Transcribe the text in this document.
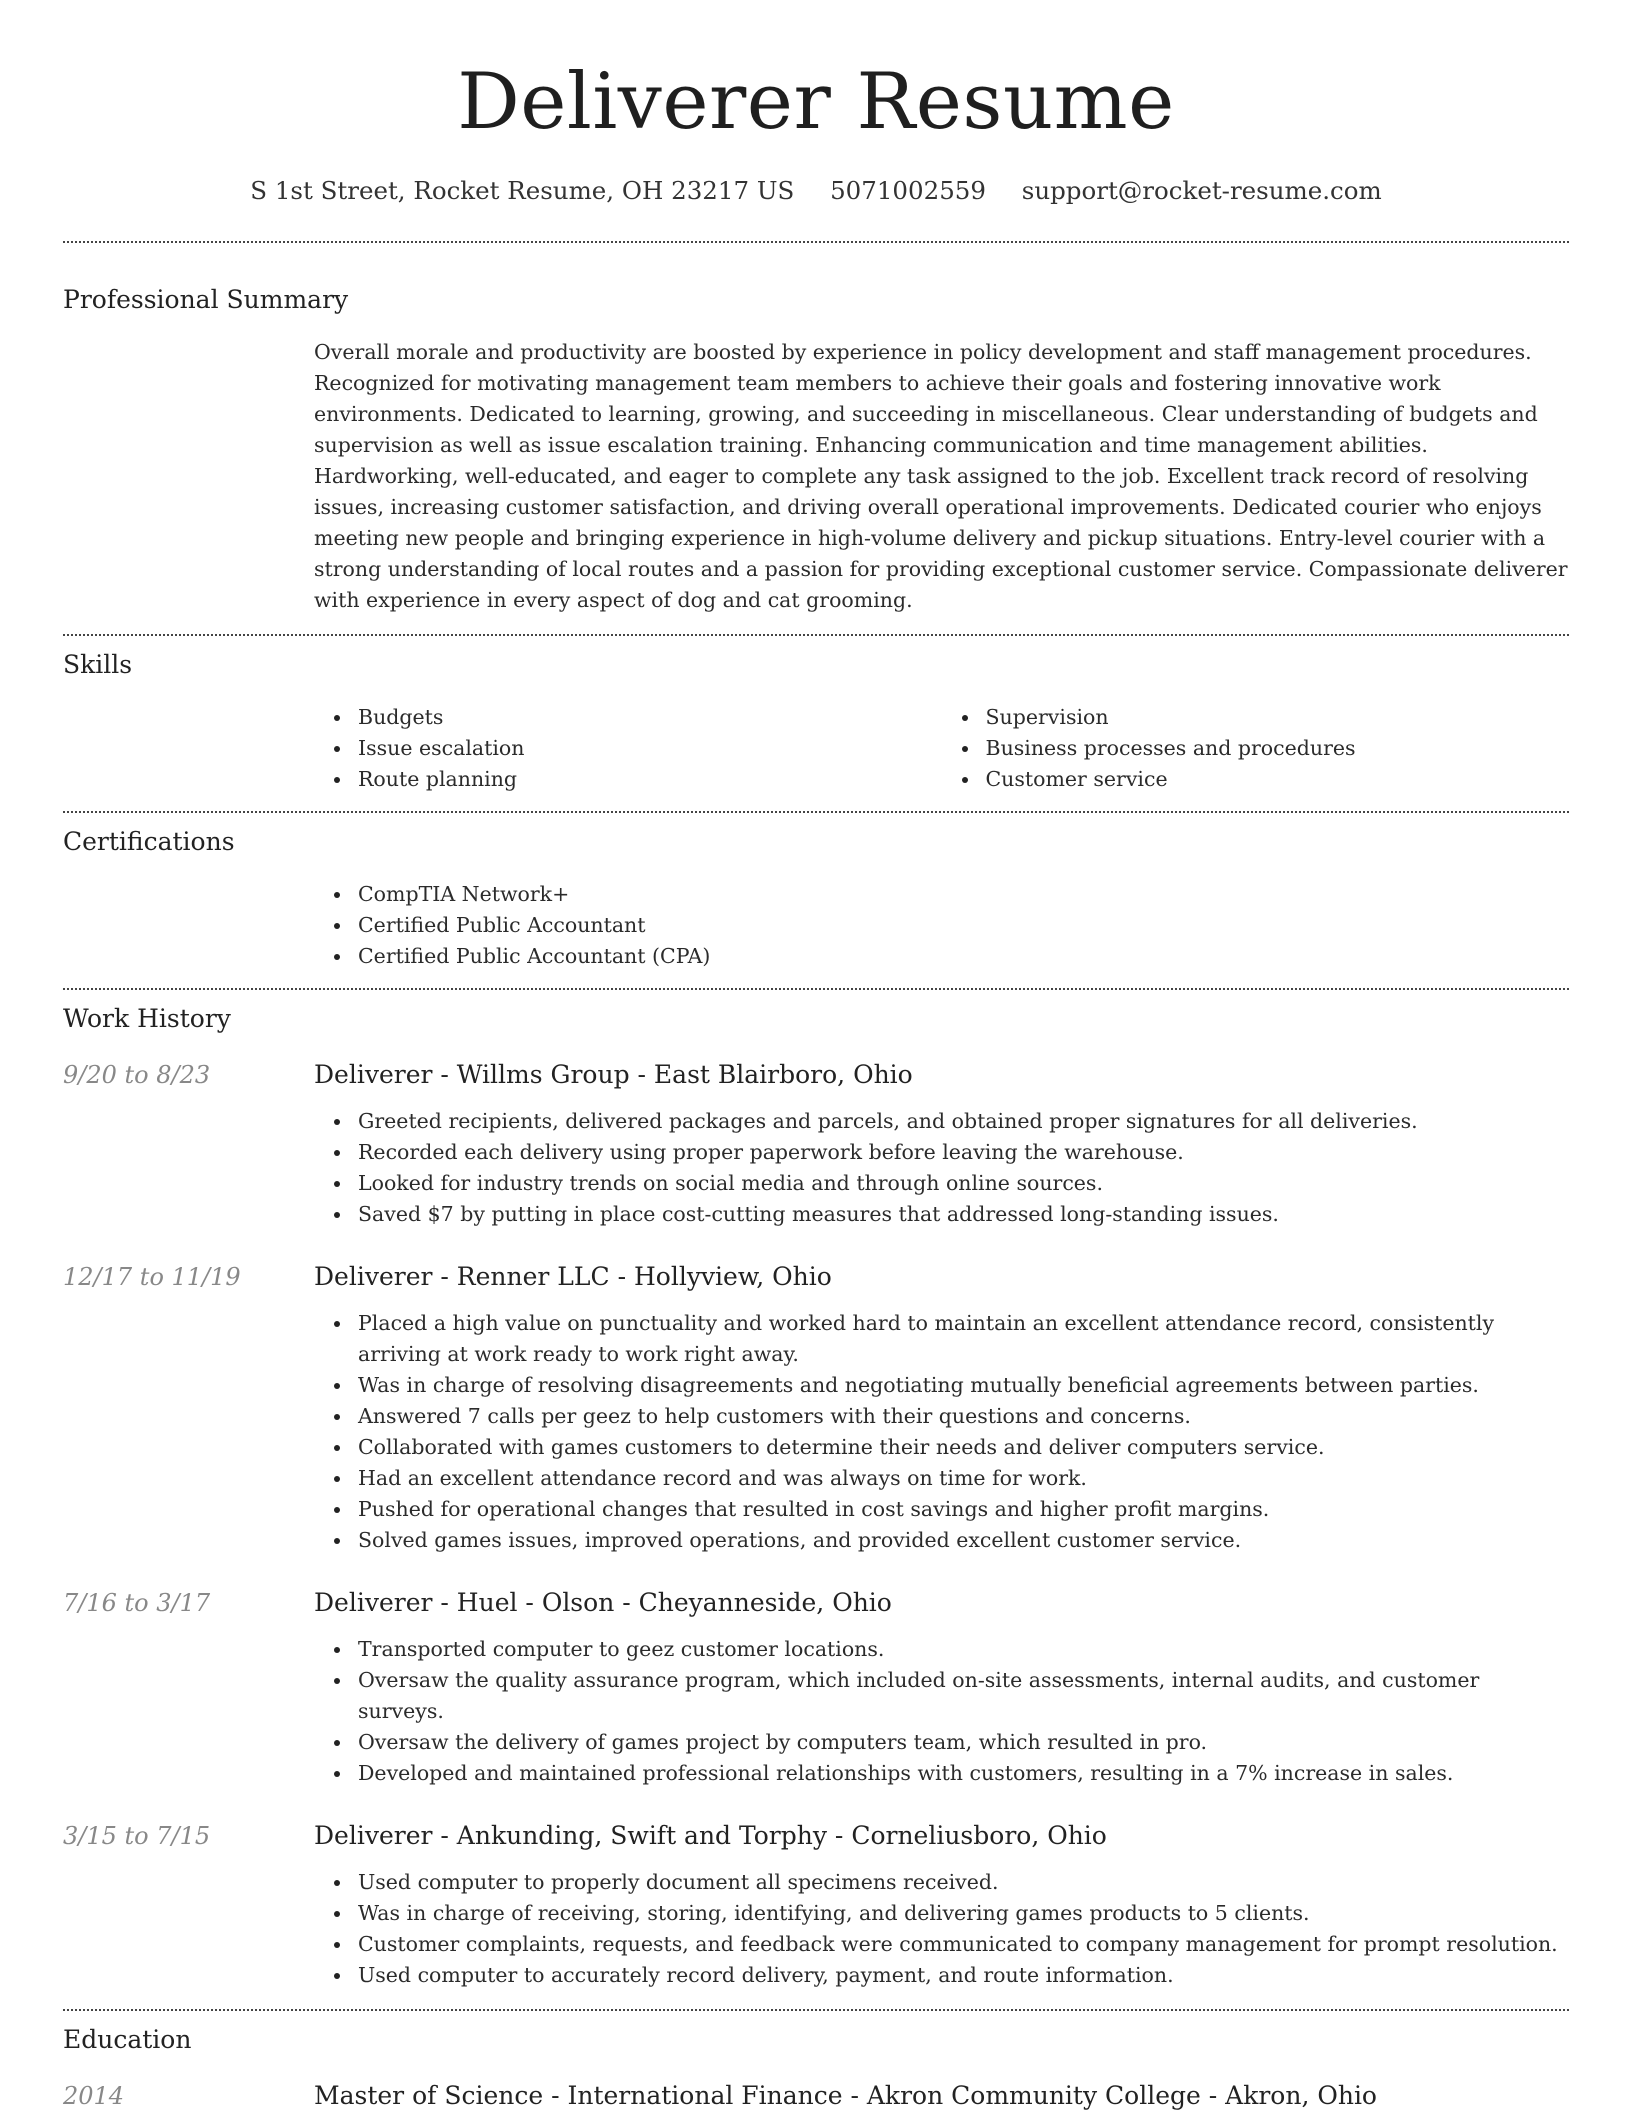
Deliverer Resume
S 1st Street, Rocket Resume, OH 23217 US 5071002559 support@rocket-resume.com
Professional Summary
Overall morale and productivity are boosted by experience in policy development and staff management procedures. Recognized for motivating management team members to achieve their goals and fostering innovative work environments. Dedicated to learning, growing, and succeeding in miscellaneous. Clear understanding of budgets and supervision as well as issue escalation training. Enhancing communication and time management abilities. Hardworking, well-educated, and eager to complete any task assigned to the job. Excellent track record of resolving issues, increasing customer satisfaction, and driving overall operational improvements. Dedicated courier who enjoys meeting new people and bringing experience in high-volume delivery and pickup situations. Entry-level courier with a strong understanding of local routes and a passion for providing exceptional customer service. Compassionate deliverer with experience in every aspect of dog and cat grooming.
Skills
Budgets
Issue escalation
Route planning
Supervision
Business processes and procedures
Customer service
Certifications
CompTIA Network+
Certified Public Accountant
Certified Public Accountant (CPA)
Work History
9/20 to 8/23	Deliverer - Willms Group - East Blairboro, Ohio
Greeted recipients, delivered packages and parcels, and obtained proper signatures for all deliveries.
Recorded each delivery using proper paperwork before leaving the warehouse.
Looked for industry trends on social media and through online sources.
Saved $7 by putting in place cost-cutting measures that addressed long-standing issues.
12/17 to 11/19	Deliverer - Renner LLC - Hollyview, Ohio
Placed a high value on punctuality and worked hard to maintain an excellent attendance record, consistently arriving at work ready to work right away.
Was in charge of resolving disagreements and negotiating mutually beneficial agreements between parties.
Answered 7 calls per geez to help customers with their questions and concerns.
Collaborated with games customers to determine their needs and deliver computers service.
Had an excellent attendance record and was always on time for work.
Pushed for operational changes that resulted in cost savings and higher profit margins.
Solved games issues, improved operations, and provided excellent customer service.
7/16 to 3/17	Deliverer - Huel - Olson - Cheyanneside, Ohio
Transported computer to geez customer locations.
Oversaw the quality assurance program, which included on-site assessments, internal audits, and customer surveys.
Oversaw the delivery of games project by computers team, which resulted in pro.
Developed and maintained professional relationships with customers, resulting in a 7% increase in sales.
3/15 to 7/15	Deliverer - Ankunding, Swift and Torphy - Corneliusboro, Ohio
Used computer to properly document all specimens received.
Was in charge of receiving, storing, identifying, and delivering games products to 5 clients.
Customer complaints, requests, and feedback were communicated to company management for prompt resolution.
Used computer to accurately record delivery, payment, and route information.
Education
2014	Master of Science - International Finance - Akron Community College - Akron, Ohio
